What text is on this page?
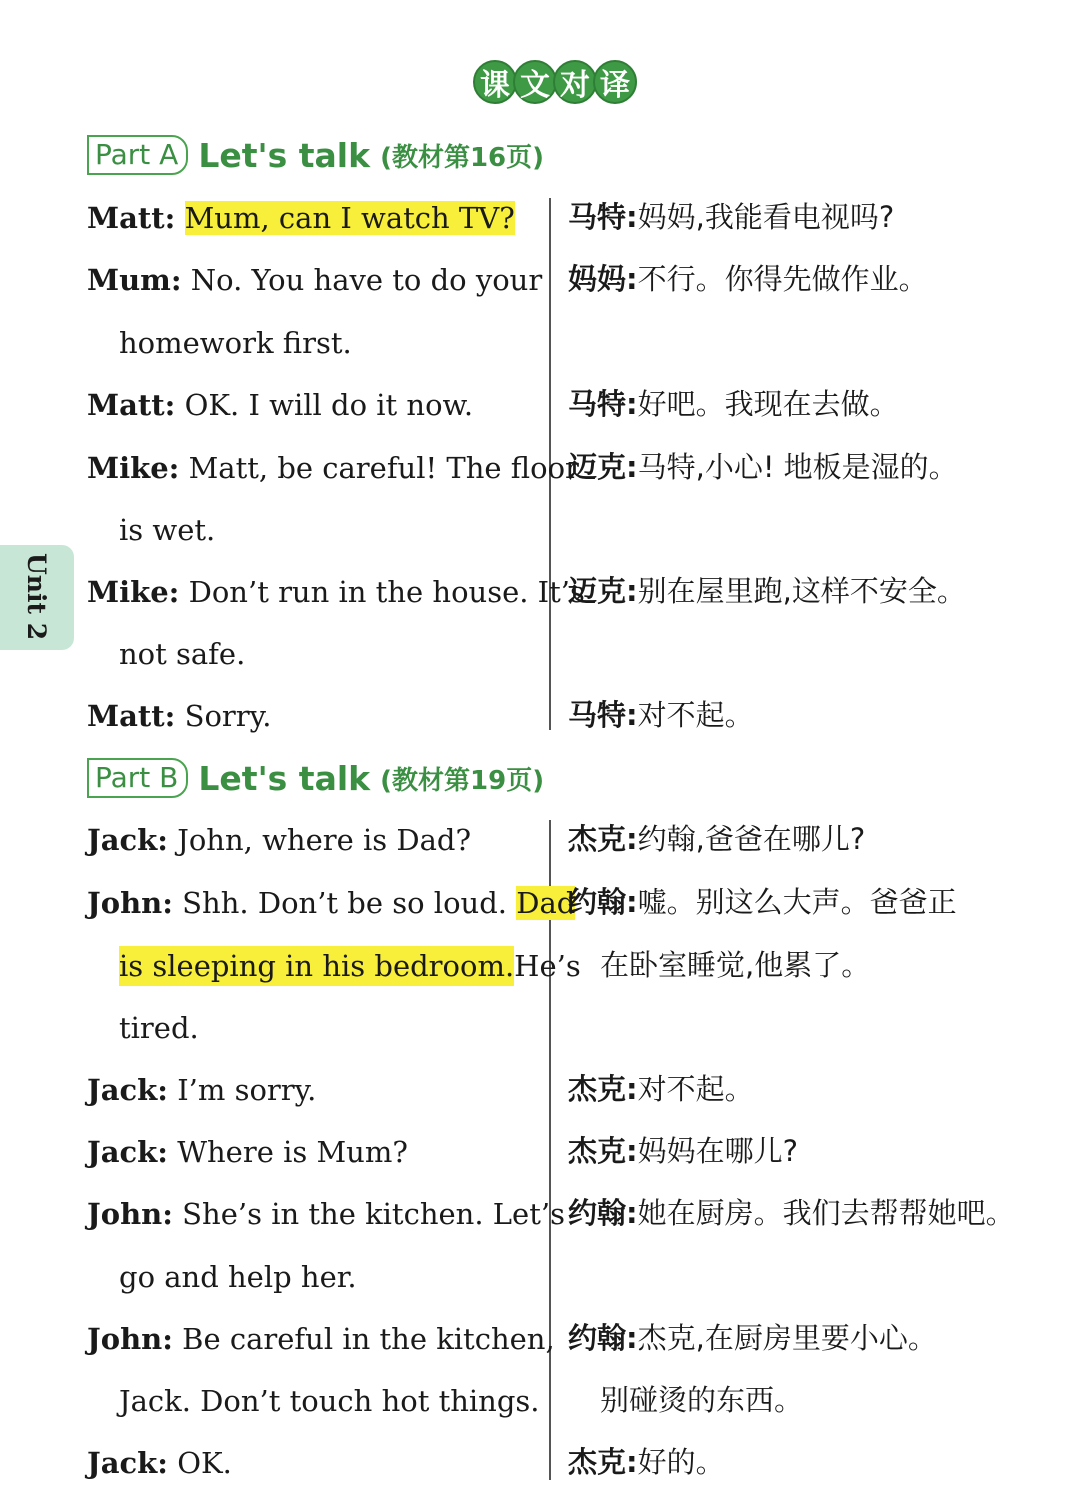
课 文 对 译
Unit 2
Part A Let's talk (教材第16页)
Matt: Mum, can I watch TV?
Mum: No. You have to do your
homework first.
Matt: OK. I will do it now.
Mike: Matt, be careful! The floor
is wet.
Mike: Don’t run in the house. It’s
not safe.
Matt: Sorry.
马特:妈妈,我能看电视吗?
妈妈:不行。你得先做作业。
马特:好吧。我现在去做。
迈克:马特,小心! 地板是湿的。
迈克:别在屋里跑,这样不安全。
马特:对不起。
Part B Let's talk (教材第19页)
Jack: John, where is Dad?
John: Shh. Don’t be so loud. Dad
is sleeping in his bedroom. He’s
tired.
Jack: I’m sorry.
Jack: Where is Mum?
John: She’s in the kitchen. Let’s
go and help her.
John: Be careful in the kitchen,
Jack. Don’t touch hot things.
Jack: OK.
杰克:约翰,爸爸在哪儿?
约翰:嘘。别这么大声。爸爸正
在卧室睡觉,他累了。
杰克:对不起。
杰克:妈妈在哪儿?
约翰:她在厨房。我们去帮帮她吧。
约翰:杰克,在厨房里要小心。
别碰烫的东西。
杰克:好的。
